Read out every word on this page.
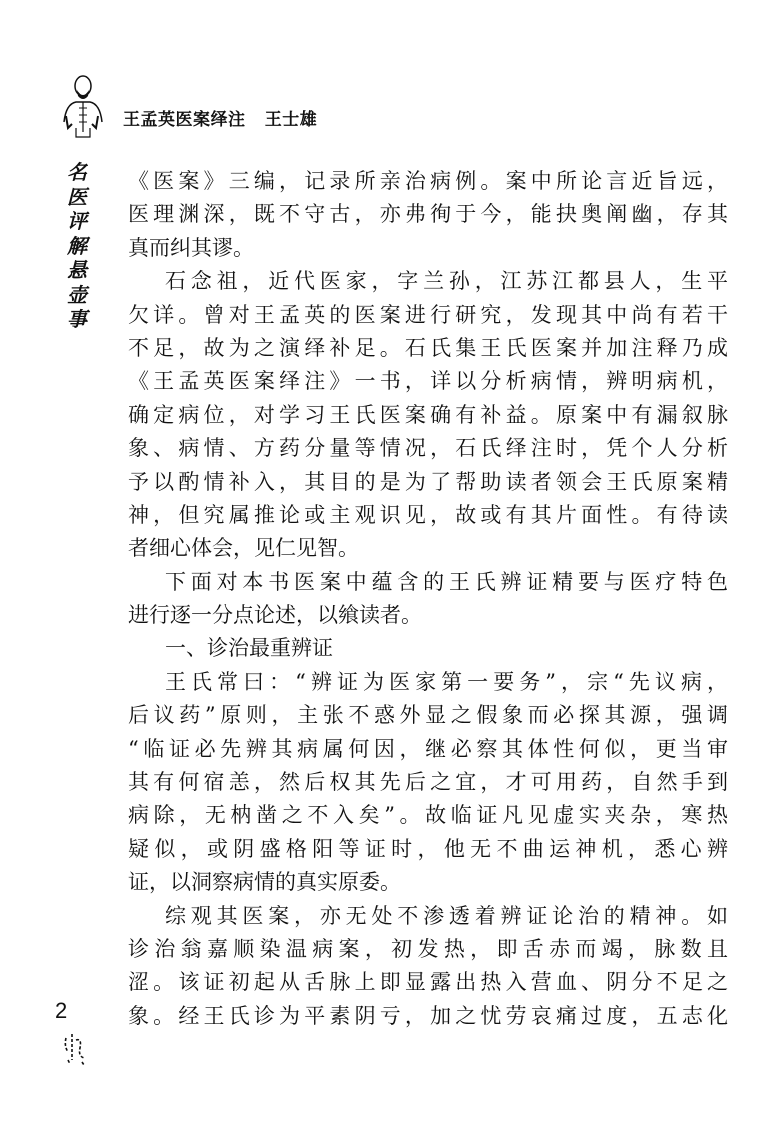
王孟英医案绎注 王士雄
名医评解悬壶事
《医案》三编，记录所亲治病例。案中所论言近旨远，
医理渊深，既不守古，亦弗徇于今，能抉奥阐幽，存其
真而纠其谬。
石念祖，近代医家，字兰孙，江苏江都县人，生平
欠详。曾对王孟英的医案进行研究，发现其中尚有若干
不足，故为之演绎补足。石氏集王氏医案并加注释乃成
《王孟英医案绎注》一书，详以分析病情，辨明病机，
确定病位，对学习王氏医案确有补益。原案中有漏叙脉
象、病情、方药分量等情况，石氏绎注时，凭个人分析
予以酌情补入，其目的是为了帮助读者领会王氏原案精
神，但究属推论或主观识见，故或有其片面性。有待读
者细心体会，见仁见智。
下面对本书医案中蕴含的王氏辨证精要与医疗特色
进行逐一分点论述，以飨读者。
一、诊治最重辨证
王氏常曰：“辨证为医家第一要务”，宗“先议病，
后议药”原则，主张不惑外显之假象而必探其源，强调
“临证必先辨其病属何因，继必察其体性何似，更当审
其有何宿恙，然后权其先后之宜，才可用药，自然手到
病除，无枘凿之不入矣”。故临证凡见虚实夹杂，寒热
疑似，或阴盛格阳等证时，他无不曲运神机，悉心辨
证，以洞察病情的真实原委。
综观其医案，亦无处不渗透着辨证论治的精神。如
诊治翁嘉顺染温病案，初发热，即舌赤而竭，脉数且
涩。该证初起从舌脉上即显露出热入营血、阴分不足之
象。经王氏诊为平素阴亏，加之忧劳哀痛过度，五志化
2
